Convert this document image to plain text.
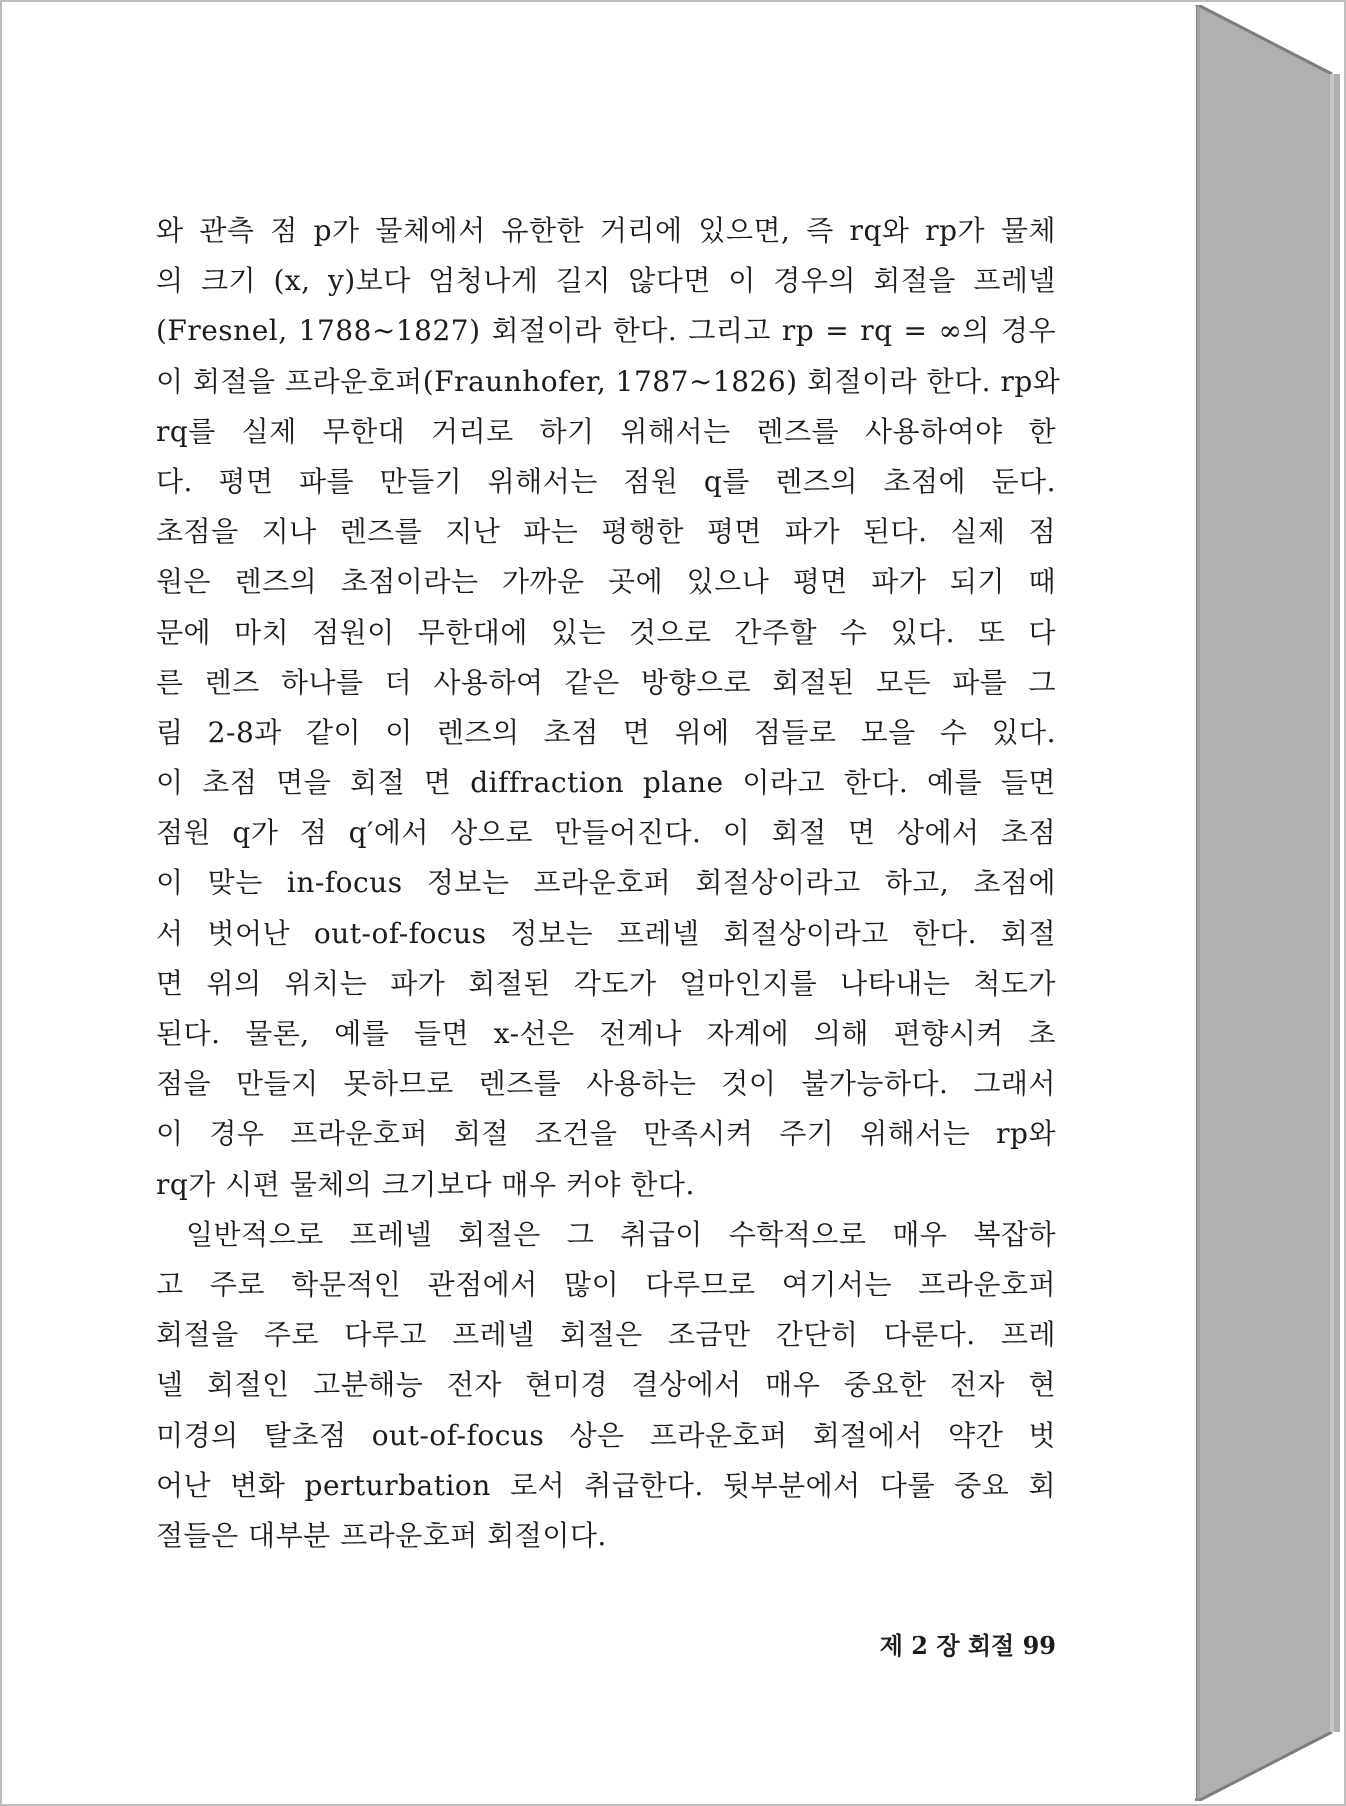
와 관측 점 p가 물체에서 유한한 거리에 있으면, 즉 rq와 rp가 물체
의 크기 (x, y)보다 엄청나게 길지 않다면 이 경우의 회절을 프레넬
(Fresnel, 1788∼1827) 회절이라 한다. 그리고 rp = rq = ∞의 경우
이 회절을 프라운호퍼(Fraunhofer, 1787∼1826) 회절이라 한다. rp와
rq를 실제 무한대 거리로 하기 위해서는 렌즈를 사용하여야 한
다. 평면 파를 만들기 위해서는 점원 q를 렌즈의 초점에 둔다.
초점을 지나 렌즈를 지난 파는 평행한 평면 파가 된다. 실제 점
원은 렌즈의 초점이라는 가까운 곳에 있으나 평면 파가 되기 때
문에 마치 점원이 무한대에 있는 것으로 간주할 수 있다. 또 다
른 렌즈 하나를 더 사용하여 같은 방향으로 회절된 모든 파를 그
림 2-8과 같이 이 렌즈의 초점 면 위에 점들로 모을 수 있다.
이 초점 면을 회절 면 diffraction plane 이라고 한다. 예를 들면
점원 q가 점 q′에서 상으로 만들어진다. 이 회절 면 상에서 초점
이 맞는 in-focus 정보는 프라운호퍼 회절상이라고 하고, 초점에
서 벗어난 out-of-focus 정보는 프레넬 회절상이라고 한다. 회절
면 위의 위치는 파가 회절된 각도가 얼마인지를 나타내는 척도가
된다. 물론, 예를 들면 x-선은 전계나 자계에 의해 편향시켜 초
점을 만들지 못하므로 렌즈를 사용하는 것이 불가능하다. 그래서
이 경우 프라운호퍼 회절 조건을 만족시켜 주기 위해서는 rp와
rq가 시편 물체의 크기보다 매우 커야 한다.
일반적으로 프레넬 회절은 그 취급이 수학적으로 매우 복잡하
고 주로 학문적인 관점에서 많이 다루므로 여기서는 프라운호퍼
회절을 주로 다루고 프레넬 회절은 조금만 간단히 다룬다. 프레
넬 회절인 고분해능 전자 현미경 결상에서 매우 중요한 전자 현
미경의 탈초점 out-of-focus 상은 프라운호퍼 회절에서 약간 벗
어난 변화 perturbation 로서 취급한다. 뒷부분에서 다룰 중요 회
절들은 대부분 프라운호퍼 회절이다.
제 2 장 회절 99
